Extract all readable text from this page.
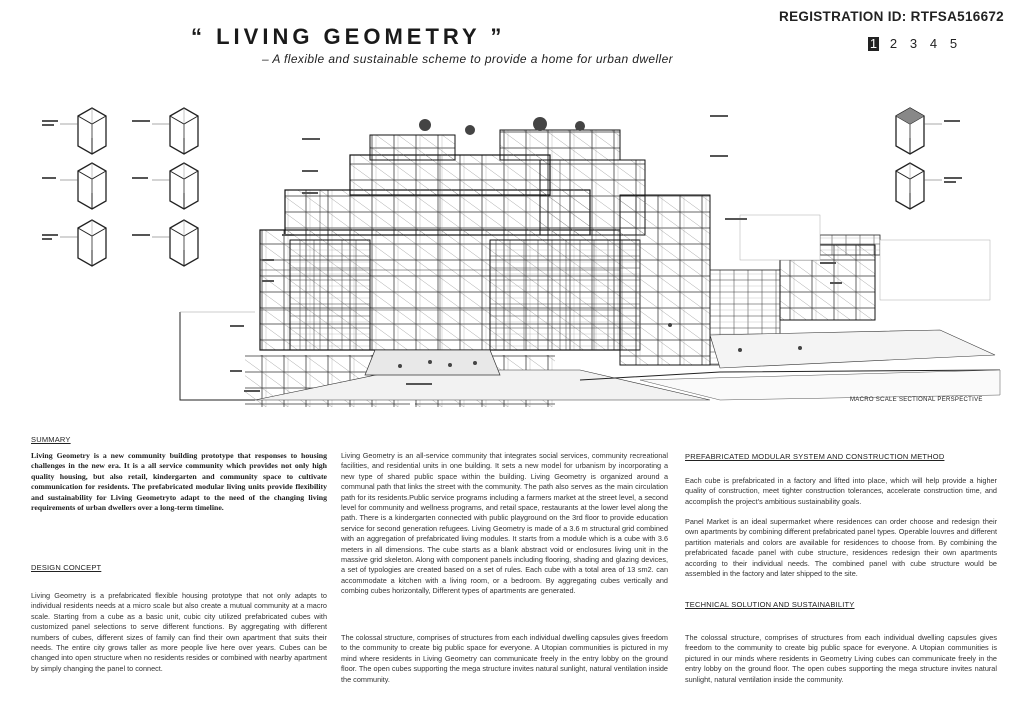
REGISTRATION ID: RTFSA516672
1 2 3 4 5
“ LIVING GEOMETRY ”
– A flexible and sustainable scheme to provide a home for urban dweller
MACRO SCALE SECTIONAL PERSPECTIVE
SUMMARY
Living Geometry is a new community building prototype that responses to housing challenges in the new era. It is a all service community which provides not only high quality housing, but also retail, kindergarten and community space to cultivate communication for residents. The prefabricated modular living units provide flexibility and sustainability for Living Geometryto adapt to the need of the changing living requirements of urban dwellers over a long-term timeline.
DESIGN CONCEPT
Living Geometry is a prefabricated flexible housing prototype that not only adapts to individual residents needs at a micro scale but also create a mutual community at a macro scale. Starting from a cube as a basic unit, cubic city utilized prefabricated cubes with customized panel selections to serve different functions. By aggregating with different numbers of cubes, different sizes of family can find their own apartment that suits their needs. The entire city grows taller as more people live here over years. Cubes can be changed into open structure when no residents resides or combined with nearby apartment by simply changing the panel to connect.
Living Geometry is an all-service community that integrates social services, community recreational facilities, and residential units in one building. It sets a new model for urbanism by incorporating a new type of shared public space within the building. Living Geometry is organized around a communal path that links the street with the community. The path also serves as the main circulation path for its residents.Public service programs including a farmers market at the street level, a second level for community and wellness programs, and retail space, restaurants at the lower level along the path. There is a kindergarten connected with public playground on the 3rd floor to provide education service for second generation refugees. Living Geometry is made of a 3.6 m structural grid combined with an aggregation of prefabricated living modules. It starts from a module which is a cube with 3.6 meters in all dimensions. The cube starts as a blank abstract void or enclosures living unit in the massive grid skeleton. Along with component panels including flooring, shading and glazing devices, a set of typologies are created based on a set of rules. Each cube with a total area of 13 sm2. can accommodate a kitchen with a living room, or a bedroom. By aggregating cubes vertically and combing cubes horizontally, Different types of apartments are generated.
The colossal structure, comprises of structures from each individual dwelling capsules gives freedom to the community to create big public space for everyone. A Utopian communities is pictured in my mind where residents in Living Geometry can communicate freely in the entry lobby on the ground floor. The open cubes supporting the mega structure invites natural sunlight, natural ventilation inside the community.
PREFABRICATED MODULAR SYSTEM AND CONSTRUCTION METHOD
Each cube is prefabricated in a factory and lifted into place, which will help provide a higher quality of construction, meet tighter construction tolerances, accelerate construction time, and accomplish the project’s ambitious sustainability goals.
Panel Market is an ideal supermarket where residences can order choose and redesign their own apartments by combining different prefabricated panel types. Operable louvres and different partition materials and colors are available for residences to choose from. By combining the prefabricated facade panel with cube structure, residences redesign their own apartments according to their individual needs. The combined panel with cube structure would be assembled in the factory and later shipped to the site.
TECHNICAL SOLUTION AND SUSTAINABILITY
The colossal structure, comprises of structures from each individual dwelling capsules gives freedom to the community to create big public space for everyone. A Utopian communities is pictured in our minds where residents in Geometry Living cubes can communicate freely in the entry lobby on the ground floor. The open cubes supporting the mega structure invites natural sunlight, natural ventilation inside the community.
